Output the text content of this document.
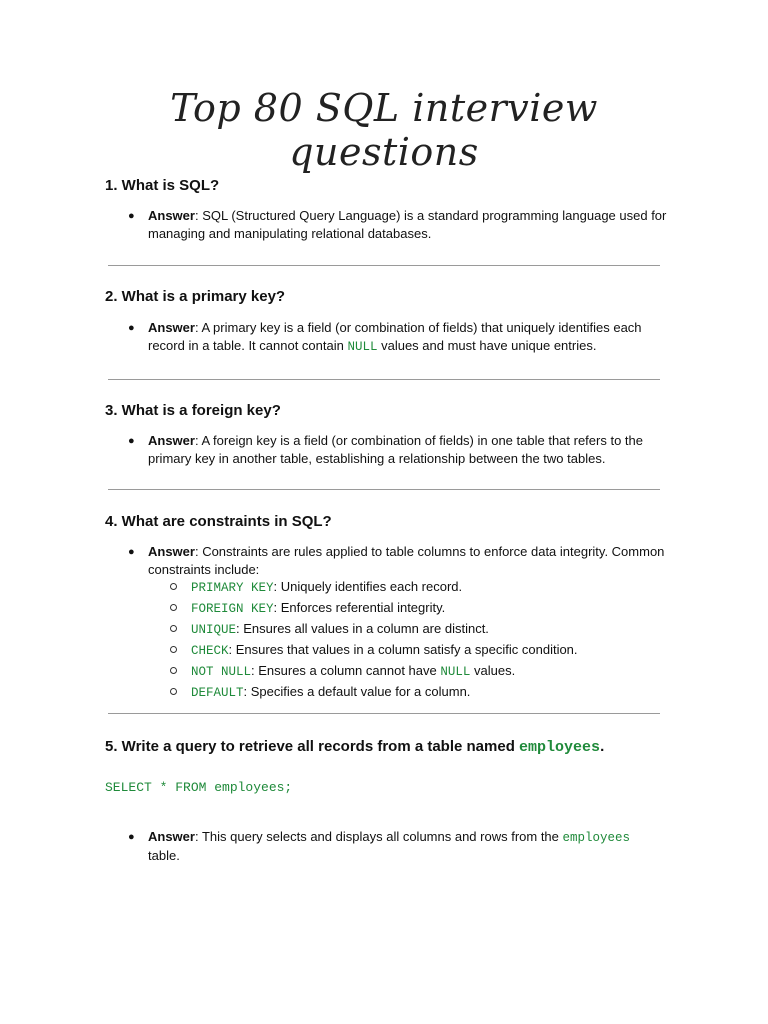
Top 80 SQL interview
questions
1. What is SQL?
● Answer: SQL (Structured Query Language) is a standard programming language used for managing and manipulating relational databases.
2. What is a primary key?
● Answer: A primary key is a field (or combination of fields) that uniquely identifies each record in a table. It cannot contain NULL values and must have unique entries.
3. What is a foreign key?
● Answer: A foreign key is a field (or combination of fields) in one table that refers to the primary key in another table, establishing a relationship between the two tables.
4. What are constraints in SQL?
● Answer: Constraints are rules applied to table columns to enforce data integrity. Common constraints include:
PRIMARY KEY: Uniquely identifies each record.
FOREIGN KEY: Enforces referential integrity.
UNIQUE: Ensures all values in a column are distinct.
CHECK: Ensures that values in a column satisfy a specific condition.
NOT NULL: Ensures a column cannot have NULL values.
DEFAULT: Specifies a default value for a column.
5. Write a query to retrieve all records from a table named employees.
SELECT * FROM employees;
● Answer: This query selects and displays all columns and rows from the employees
table.
